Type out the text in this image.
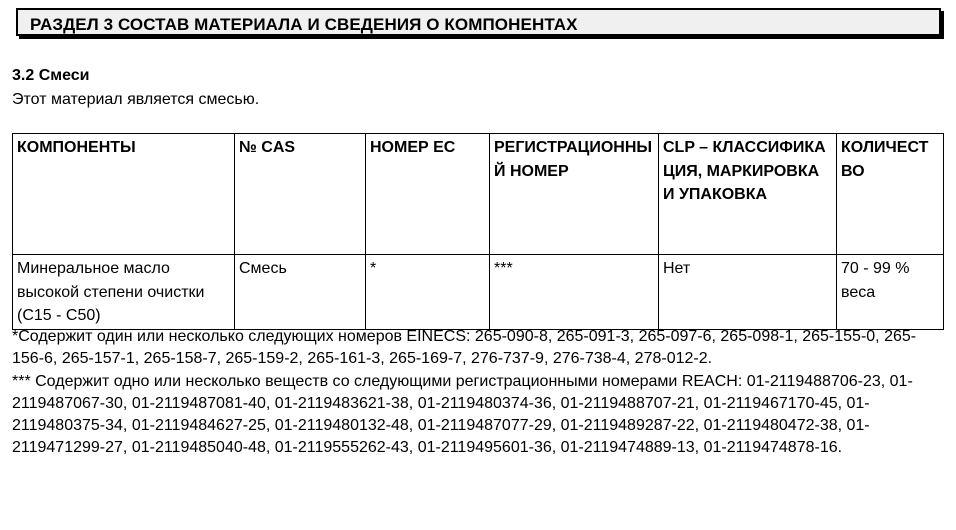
РАЗДЕЛ 3 СОСТАВ МАТЕРИАЛА И СВЕДЕНИЯ О КОМПОНЕНТАХ
3.2 Смеси
Этот материал является смесью.
КОМПОНЕНТЫ	№ CAS	НОМЕР ЕС	РЕГИСТРАЦИОННЫЙ НОМЕР	CLP – КЛАССИФИКАЦИЯ, МАРКИРОВКА И УПАКОВКА	КОЛИЧЕСТВО
Минеральное масло высокой степени очистки (С15 - С50)	Смесь	*	***	Нет	70 - 99 % веса

*Содержит один или несколько следующих номеров EINECS: 265-090-8, 265-091-3, 265-097-6, 265-098-1, 265-155-0, 265-156-6, 265-157-1, 265-158-7, 265-159-2, 265-161-3, 265-169-7, 276-737-9, 276-738-4, 278-012-2.

*** Содержит одно или несколько веществ со следующими регистрационными номерами REACH: 01-2119488706-23, 01-2119487067-30, 01-2119487081-40, 01-2119483621-38, 01-2119480374-36, 01-2119488707-21, 01-2119467170-45, 01-2119480375-34, 01-2119484627-25, 01-2119480132-48, 01-2119487077-29, 01-2119489287-22, 01-2119480472-38, 01-2119471299-27, 01-2119485040-48, 01-2119555262-43, 01-2119495601-36, 01-2119474889-13, 01-2119474878-16.
